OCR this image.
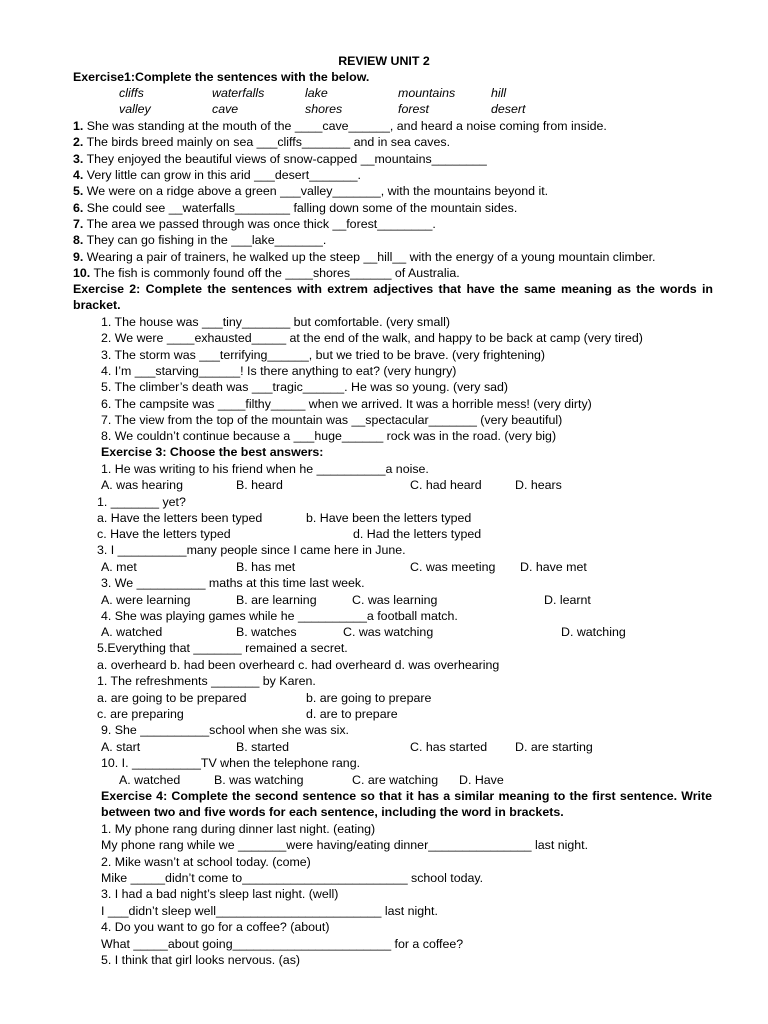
REVIEW UNIT 2
Exercise1:Complete the sentences with the below.
cliffs	waterfalls	lake	mountains	hill
valley	cave	shores	forest	desert
1. She was standing at the mouth of the ____cave______, and heard a noise coming from inside.
2. The birds breed mainly on sea ___cliffs_______ and in sea caves.
3. They enjoyed the beautiful views of snow-capped __mountains________
4. Very little can grow in this arid ___desert_______.
5. We were on a ridge above a green ___valley_______, with the mountains beyond it.
6. She could see __waterfalls________ falling down some of the mountain sides.
7. The area we passed through was once thick __forest________.
8. They can go fishing in the ___lake_______.
9. Wearing a pair of trainers, he walked up the steep __hill__ with the energy of a young mountain climber.
10. The fish is commonly found off the ____shores______ of Australia.
Exercise 2: Complete the sentences with extrem adjectives that have the same meaning as the words in
bracket.
1. The house was ___tiny_______ but comfortable. (very small)
2. We were ____exhausted_____ at the end of the walk, and happy to be back at camp (very tired)
3. The storm was ___terrifying______, but we tried to be brave. (very frightening)
4. I’m ___starving______! Is there anything to eat? (very hungry)
5. The climber’s death was ___tragic______. He was so young. (very sad)
6. The campsite was ____filthy_____ when we arrived. It was a horrible mess! (very dirty)
7. The view from the top of the mountain was __spectacular_______ (very beautiful)
8. We couldn’t continue because a ___huge______ rock was in the road. (very big)
Exercise 3: Choose the best answers:
1. He was writing to his friend when he __________a noise.
A. was hearing	B. heard	C. had heard	D. hears
1. _______ yet?
a. Have the letters been typed	b. Have been the letters typed
c. Have the letters typed	d. Had the letters typed
3. I __________many people since I came here in June.
A. met	B. has met	C. was meeting D. have met
3. We __________ maths at this time last week.
A. were learning	B. are learning	C. was learning	D. learnt
4. She was playing games while he __________a football match.
A. watched	B. watches	C. was watching	D. watching
5.Everything that _______ remained a secret.
a. overheard b. had been overheard c. had overheard d. was overhearing
1. The refreshments _______ by Karen.
a. are going to be prepared	b. are going to prepare
c. are preparing	d. are to prepare
9. She __________school when she was six.
A. start	B. started	C. has started D. are starting
10. I. __________TV when the telephone rang.
A. watched	B. was watching	C. are watching D. Have
Exercise 4: Complete the second sentence so that it has a similar meaning to the first sentence. Write
between two and five words for each sentence, including the word in brackets.
1. My phone rang during dinner last night. (eating)
My phone rang while we _______were having/eating dinner_______________ last night.
2. Mike wasn’t at school today. (come)
Mike _____didn’t come to________________________ school today.
3. I had a bad night’s sleep last night. (well)
I ___didn’t sleep well________________________ last night.
4. Do you want to go for a coffee? (about)
What _____about going_______________________ for a coffee?
5. I think that girl looks nervous. (as)
